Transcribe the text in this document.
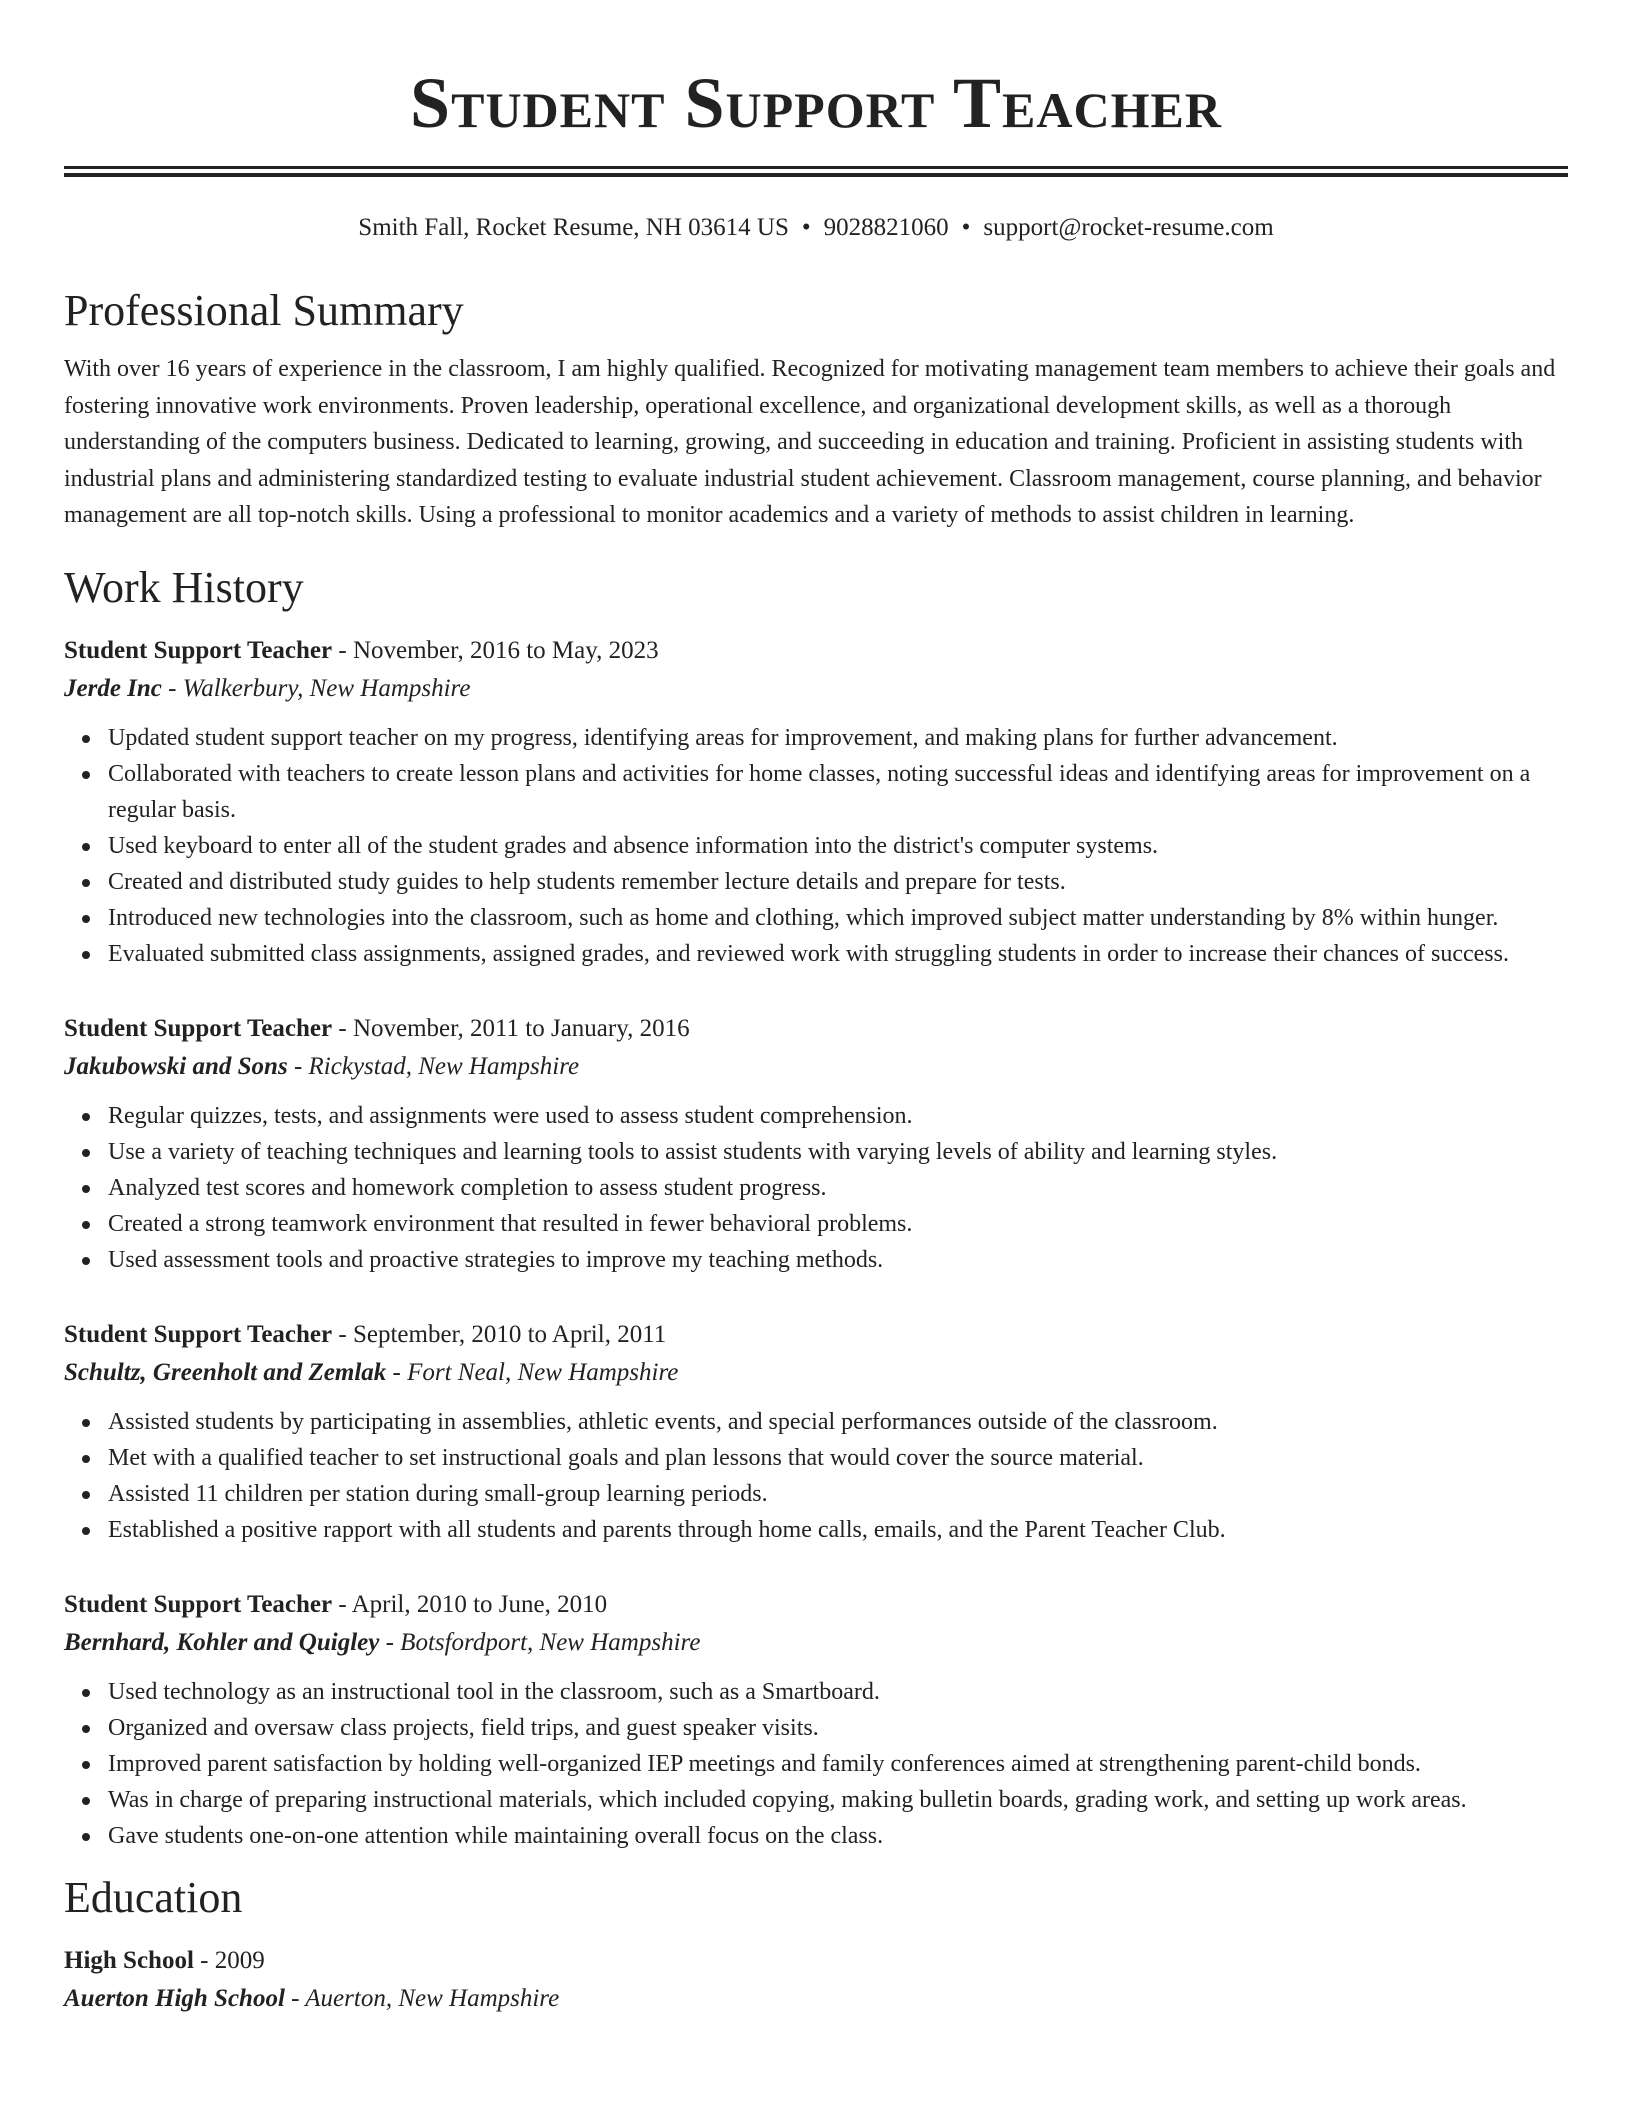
Student Support Teacher
Smith Fall, Rocket Resume, NH 03614 US • 9028821060 • support@rocket-resume.com
Professional Summary

With over 16 years of experience in the classroom, I am highly qualified. Recognized for motivating management team members to achieve their goals and fostering innovative work environments. Proven leadership, operational excellence, and organizational development skills, as well as a thorough understanding of the computers business. Dedicated to learning, growing, and succeeding in education and training. Proficient in assisting students with industrial plans and administering standardized testing to evaluate industrial student achievement. Classroom management, course planning, and behavior management are all top-notch skills. Using a professional to monitor academics and a variety of methods to assist children in learning.

Work History
Student Support Teacher - November, 2016 to May, 2023
Jerde Inc - Walkerbury, New Hampshire
Updated student support teacher on my progress, identifying areas for improvement, and making plans for further advancement.
Collaborated with teachers to create lesson plans and activities for home classes, noting successful ideas and identifying areas for improvement on a regular basis.
Used keyboard to enter all of the student grades and absence information into the district's computer systems.
Created and distributed study guides to help students remember lecture details and prepare for tests.
Introduced new technologies into the classroom, such as home and clothing, which improved subject matter understanding by 8% within hunger.
Evaluated submitted class assignments, assigned grades, and reviewed work with struggling students in order to increase their chances of success.
Student Support Teacher - November, 2011 to January, 2016
Jakubowski and Sons - Rickystad, New Hampshire
Regular quizzes, tests, and assignments were used to assess student comprehension.
Use a variety of teaching techniques and learning tools to assist students with varying levels of ability and learning styles.
Analyzed test scores and homework completion to assess student progress.
Created a strong teamwork environment that resulted in fewer behavioral problems.
Used assessment tools and proactive strategies to improve my teaching methods.
Student Support Teacher - September, 2010 to April, 2011
Schultz, Greenholt and Zemlak - Fort Neal, New Hampshire
Assisted students by participating in assemblies, athletic events, and special performances outside of the classroom.
Met with a qualified teacher to set instructional goals and plan lessons that would cover the source material.
Assisted 11 children per station during small-group learning periods.
Established a positive rapport with all students and parents through home calls, emails, and the Parent Teacher Club.
Student Support Teacher - April, 2010 to June, 2010
Bernhard, Kohler and Quigley - Botsfordport, New Hampshire
Used technology as an instructional tool in the classroom, such as a Smartboard.
Organized and oversaw class projects, field trips, and guest speaker visits.
Improved parent satisfaction by holding well-organized IEP meetings and family conferences aimed at strengthening parent-child bonds.
Was in charge of preparing instructional materials, which included copying, making bulletin boards, grading work, and setting up work areas.
Gave students one-on-one attention while maintaining overall focus on the class.
Education
High School - 2009
Auerton High School - Auerton, New Hampshire
